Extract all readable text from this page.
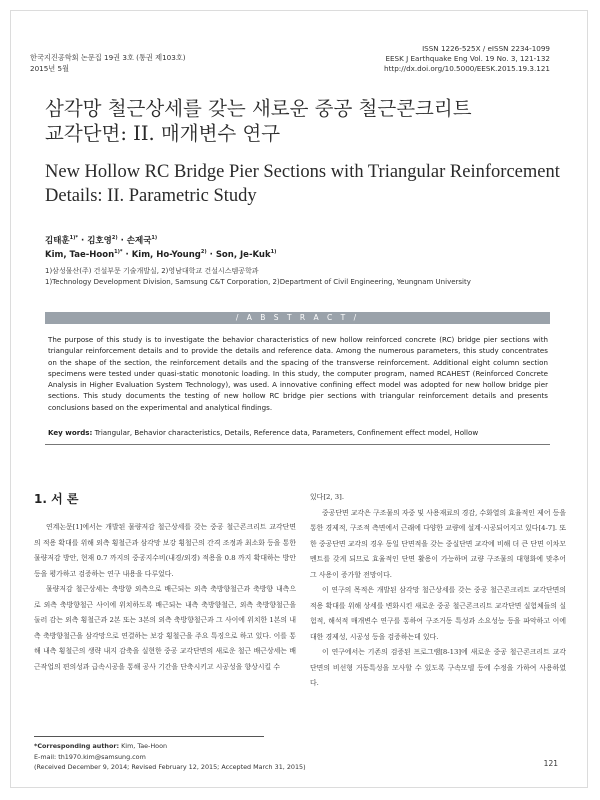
한국지진공학회 논문집 19권 3호 (통권 제103호)
2015년 5월
ISSN 1226-525X / eISSN 2234-1099
EESK J Earthquake Eng Vol. 19 No. 3, 121-132
http://dx.doi.org/10.5000/EESK.2015.19.3.121
삼각망 철근상세를 갖는 새로운 중공 철근콘크리트
교각단면: II. 매개변수 연구
New Hollow RC Bridge Pier Sections with Triangular Reinforcement
Details: II. Parametric Study
김태훈$^{1)*}$ · 김호영$^{2)}$ · 손제국$^{1)}$
Kim, Tae-Hoon$^{1)*}$ · Kim, Ho-Young$^{2)}$ · Son, Je-Kuk$^{1)}$
1)삼성물산(주) 건설부문 기술개발실, 2)영남대학교 건설시스템공학과
1)Technology Development Division, Samsung C&T Corporation, 2)Department of Civil Engineering, Yeungnam University
/ A B S T R A C T /
The purpose of this study is to investigate the behavior characteristics of new hollow reinforced concrete (RC) bridge pier sections with triangular reinforcement details and to provide the details and reference data. Among the numerous parameters, this study concentrates on the shape of the section, the reinforcement details and the spacing of the transverse reinforcement. Additional eight column section specimens were tested under quasi-static monotonic loading. In this study, the computer program, named RCAHEST (Reinforced Concrete Analysis in Higher Evaluation System Technology), was used. A innovative confining effect model was adopted for new hollow bridge pier sections. This study documents the testing of new hollow RC bridge pier sections with triangular reinforcement details and presents conclusions based on the experimental and analytical findings.
Key words: Triangular, Behavior characteristics, Details, Reference data, Parameters, Confinement effect model, Hollow
1. 서 론

연계논문[1]에서는 개발된 물량저감 철근상세를 갖는 중공 철근콘크리트 교각단면의 적용 확대를 위해 외측 횡철근과 삼각망 보강 횡철근의 간격 조정과 최소화 등을 통한 물량저감 방안, 현재 0.7 까지의 중공지수비(내경/외경) 적용을 0.8 까지 확대하는 방안 등을 평가하고 검증하는 연구 내용을 다루었다.

물량저감 철근상세는 축방향 외측으로 배근되는 외측 축방향철근과 축방향 내측으로 외측 축방향철근 사이에 위치하도록 배근되는 내측 축방향철근, 외측 축방향철근을 둘러 감는 외측 횡철근과 2본 또는 3본의 외측 축방향철근과 그 사이에 위치한 1본의 내측 축방향철근을 삼각망으로 연결하는 보강 횡철근을 주요 특징으로 하고 있다. 이를 통해 내측 횡철근의 생략 내지 감축을 실현한 중공 교각단면의 새로운 철근 배근상세는 배근작업의 편의성과 급속시공을 통해 공사 기간을 단축시키고 시공성을 향상시킬 수

있다[2, 3].

중공단면 교각은 구조물의 자중 및 사용재료의 경감, 수화열의 효율적인 제어 등을 통한 경제적, 구조적 측면에서 근래에 다양한 교량에 설계·시공되어지고 있다[4-7]. 또한 중공단면 교각의 경우 동일 단면적을 갖는 중실단면 교각에 비해 더 큰 단면 이차모멘트를 갖게 되므로 효율적인 단면 활용이 가능하며 교량 구조물의 대형화에 맞추어 그 사용이 증가할 전망이다.

이 연구의 목적은 개발된 삼각망 철근상세를 갖는 중공 철근콘크리트 교각단면의 적용 확대를 위해 상세를 변화시킨 새로운 중공 철근콘크리트 교각단면 실험체들의 실험적, 해석적 매개변수 연구를 통하여 구조거동 특성과 소요성능 등을 파악하고 이에 대한 경제성, 시공성 등을 검증하는데 있다.

이 연구에서는 기존의 검증된 프로그램[8-13]에 새로운 중공 철근콘크리트 교각단면의 비선형 거동특성을 모사할 수 있도록 구속모델 등에 수정을 가하여 사용하였다.

*Corresponding author: Kim, Tae-Hoon
E-mail: th1970.kim@samsung.com
(Received December 9, 2014; Revised February 12, 2015; Accepted March 31, 2015)	121
